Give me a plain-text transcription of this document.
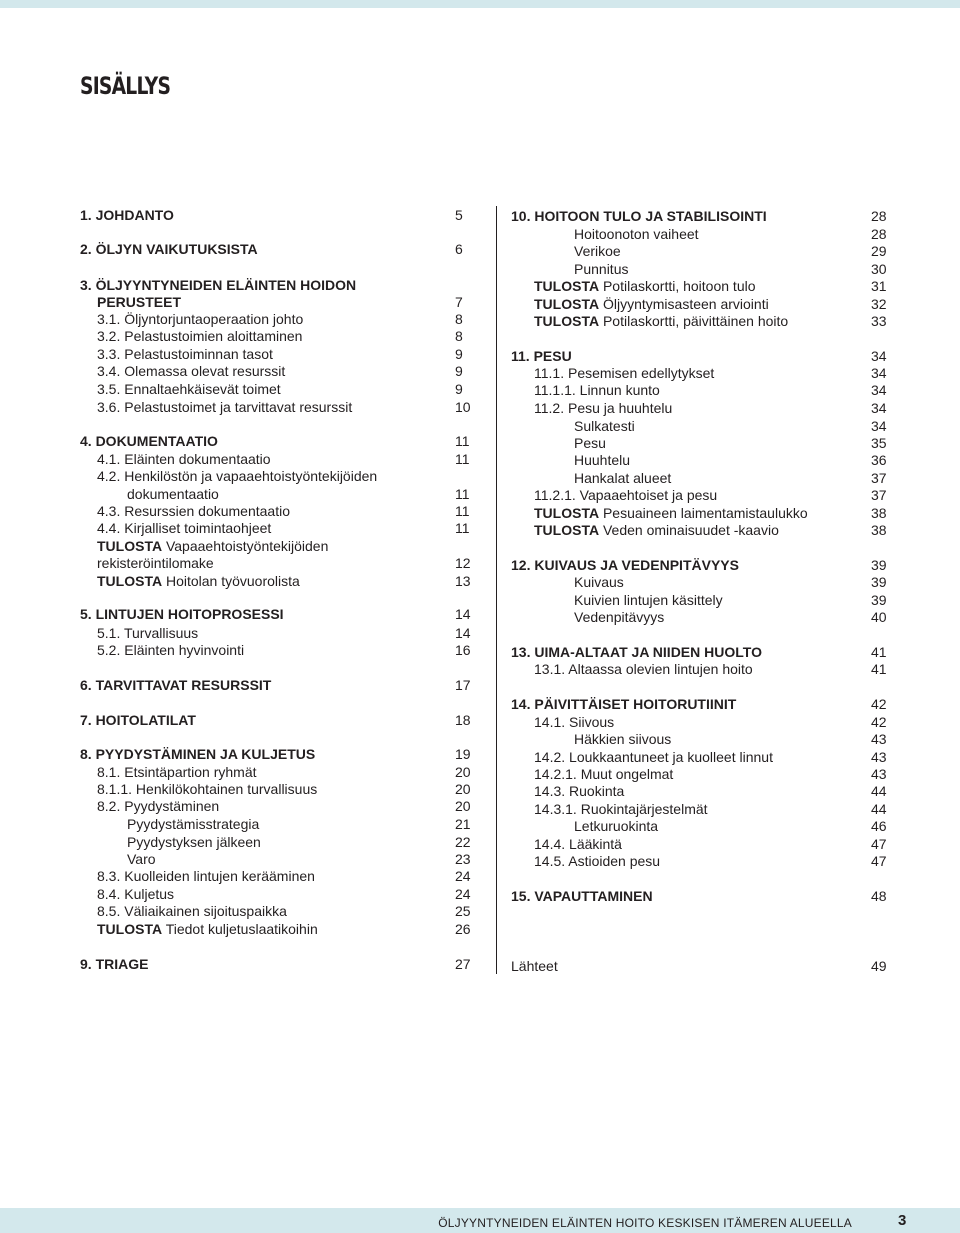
SISÄLLYS
1. JOHDANTO	5
2. ÖLJYN VAIKUTUKSISTA	6
3. ÖLJYYNTYNEIDEN ELÄINTEN HOIDON
PERUSTEET	7
3.1. Öljyntorjuntaoperaation johto	8
3.2. Pelastustoimien aloittaminen	8
3.3. Pelastustoiminnan tasot	9
3.4. Olemassa olevat resurssit	9
3.5. Ennaltaehkäisevät toimet	9
3.6. Pelastustoimet ja tarvittavat resurssit	10
4. DOKUMENTAATIO	11
4.1. Eläinten dokumentaatio	11
4.2. Henkilöstön ja vapaaehtoistyöntekijöiden
dokumentaatio	11
4.3. Resurssien dokumentaatio	11
4.4. Kirjalliset toimintaohjeet	11
TULOSTA Vapaaehtoistyöntekijöiden
rekisteröintilomake	12
TULOSTA Hoitolan työvuorolista	13
5. LINTUJEN HOITOPROSESSI	14
5.1. Turvallisuus	14
5.2. Eläinten hyvinvointi	16
6. TARVITTAVAT RESURSSIT	17
7. HOITOLATILAT	18
8. PYYDYSTÄMINEN JA KULJETUS	19
8.1. Etsintäpartion ryhmät	20
8.1.1. Henkilökohtainen turvallisuus	20
8.2. Pyydystäminen	20
Pyydystämisstrategia	21
Pyydystyksen jälkeen	22
Varo	23
8.3. Kuolleiden lintujen kerääminen	24
8.4. Kuljetus	24
8.5. Väliaikainen sijoituspaikka	25
TULOSTA Tiedot kuljetuslaatikoihin	26
9. TRIAGE	27
10. HOITOON TULO JA STABILISOINTI	28
Hoitoonoton vaiheet	28
Verikoe	29
Punnitus	30
TULOSTA Potilaskortti, hoitoon tulo	31
TULOSTA Öljyyntymisasteen arviointi	32
TULOSTA Potilaskortti, päivittäinen hoito	33
11. PESU	34
11.1. Pesemisen edellytykset	34
11.1.1. Linnun kunto	34
11.2. Pesu ja huuhtelu	34
Sulkatesti	34
Pesu	35
Huuhtelu	36
Hankalat alueet	37
11.2.1. Vapaaehtoiset ja pesu	37
TULOSTA Pesuaineen laimentamistaulukko	38
TULOSTA Veden ominaisuudet -kaavio	38
12. KUIVAUS JA VEDENPITÄVYYS	39
Kuivaus	39
Kuivien lintujen käsittely	39
Vedenpitävyys	40
13. UIMA-ALTAAT JA NIIDEN HUOLTO	41
13.1. Altaassa olevien lintujen hoito	41
14. PÄIVITTÄISET HOITORUTIINIT	42
14.1. Siivous	42
Häkkien siivous	43
14.2. Loukkaantuneet ja kuolleet linnut	43
14.2.1. Muut ongelmat	43
14.3. Ruokinta	44
14.3.1. Ruokintajärjestelmät	44
Letkuruokinta	46
14.4. Lääkintä	47
14.5. Astioiden pesu	47
15. VAPAUTTAMINEN	48
Lähteet	49
ÖLJYYNTYNEIDEN ELÄINTEN HOITO KESKISEN ITÄMEREN ALUEELLA	3
